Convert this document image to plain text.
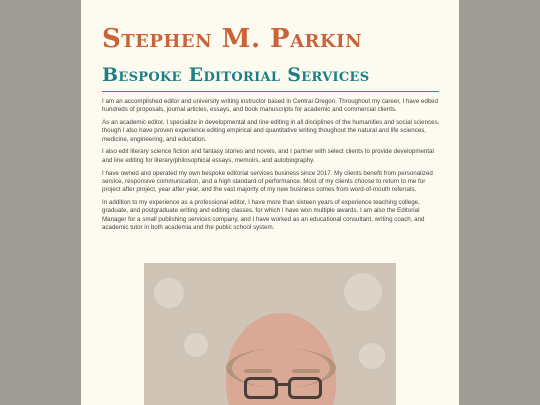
Stephen M. Parkin
Bespoke Editorial Services

I am an accomplished editor and university writing instructor based in Central Oregon. Throughout my career, I have edited hundreds of proposals, journal articles, essays, and book manuscripts for academic and commercial clients.

As an academic editor, I specialize in developmental and line editing in all disciplines of the humanities and social sciences, though I also have proven experience editing empirical and quantitative writing thoughout the natural and life sciences, medicine, engineering, and education.

I also edit literary science fiction and fantasy stories and novels, and I partner with select clients to provide developmental and line editing for literary/philosophical essays, memoirs, and autobiography.

I have owned and operated my own bespoke editorial services business since 2017. My clients benefit from personalized service, responsive communication, and a high standard of performance. Most of my clients choose to return to me for project after project, year after year, and the vast majority of my new business comes from word-of-mouth referrals.

In addition to my experience as a professional editor, I have more than sixteen years of experience teaching college, graduate, and postgraduate writing and editing classes, for which I have won multiple awards. I am also the Editorial Manager for a small publishing services company, and I have worked as an educational consultant, writing coach, and academic tutor in both academia and the public school system.
